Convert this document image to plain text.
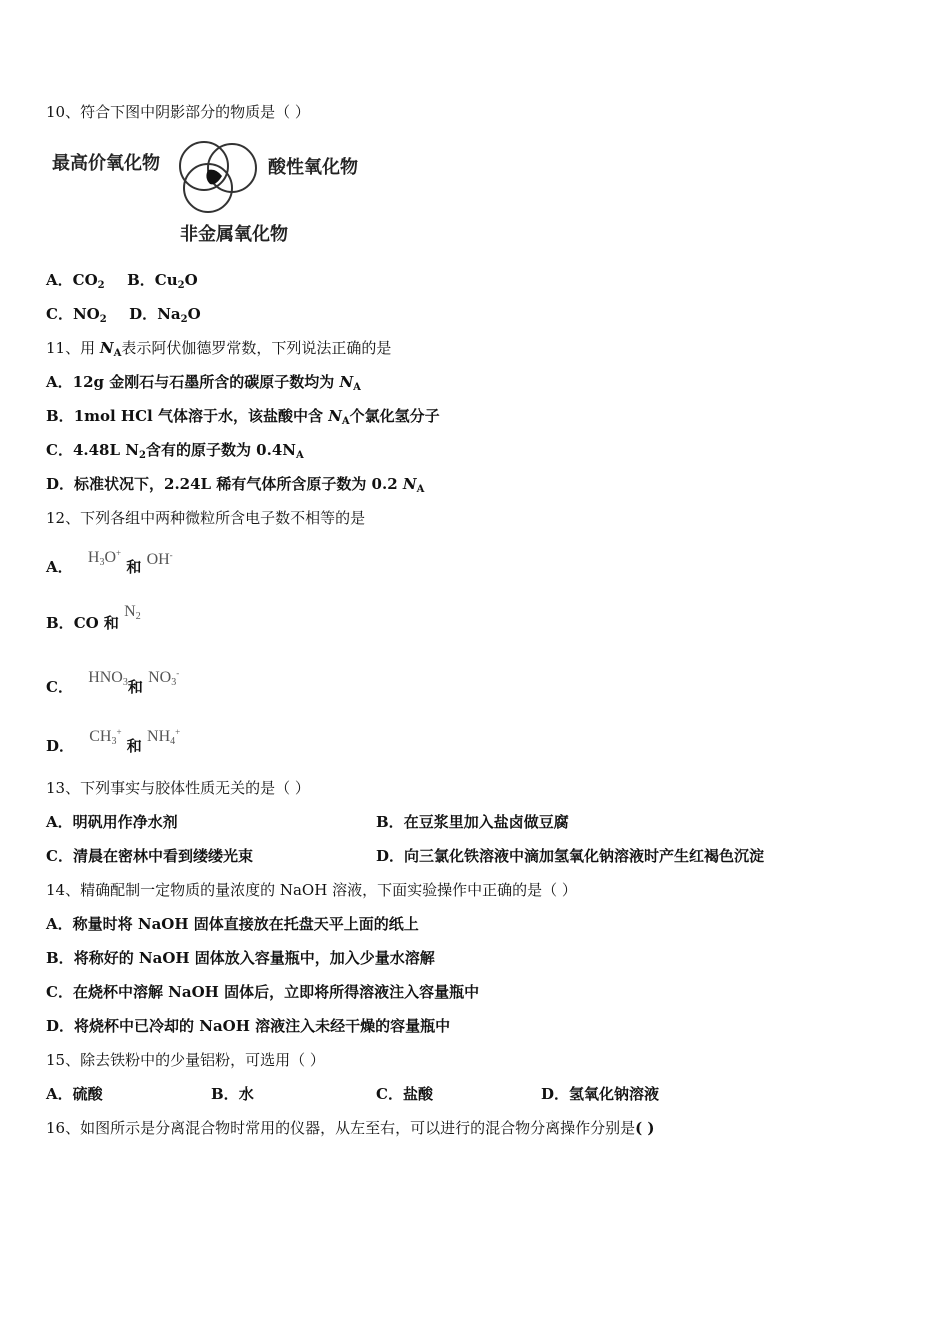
10、符合下图中阴影部分的物质是（ ）
最高价氧化物	酸性氧化物
非金属氧化物
A．$CO_2$ B．$Cu_2O$
C．$NO_2$ D．$Na_2O$
11、用 $N_A$表示阿伏伽德罗常数，下列说法正确的是
A．12g 金刚石与石墨所含的碳原子数均为 $N_A$
B．1mol HCl 气体溶于水，该盐酸中含 $N_A$个氯化氢分子
C．4.48L $N_2$含有的原子数为 $0.4N_A$
D．标准状况下，2.24L 稀有气体所含原子数为 0.2 $N_A$
12、下列各组中两种微粒所含电子数不相等的是
A． $H_3O^+$ 和 OH-
B．CO 和 $N_2$
C． $HNO_3$和 $NO_3^-$
D． $CH_3^+$ 和 $NH_4^+$
13、下列事实与胶体性质无关的是（ ）
A．明矾用作净水剂	B．在豆浆里加入盐卤做豆腐
C．清晨在密林中看到缕缕光束	D．向三氯化铁溶液中滴加氢氧化钠溶液时产生红褐色沉淀
14、精确配制一定物质的量浓度的 NaOH 溶液，下面实验操作中正确的是（ ）
A．称量时将 NaOH 固体直接放在托盘天平上面的纸上
B．将称好的 NaOH 固体放入容量瓶中，加入少量水溶解
C．在烧杯中溶解 NaOH 固体后，立即将所得溶液注入容量瓶中
D．将烧杯中已冷却的 NaOH 溶液注入未经干燥的容量瓶中
15、除去铁粉中的少量铝粉，可选用（ ）
A．硫酸	B．水	C．盐酸	D．氢氧化钠溶液
16、如图所示是分离混合物时常用的仪器，从左至右，可以进行的混合物分离操作分别是( )
